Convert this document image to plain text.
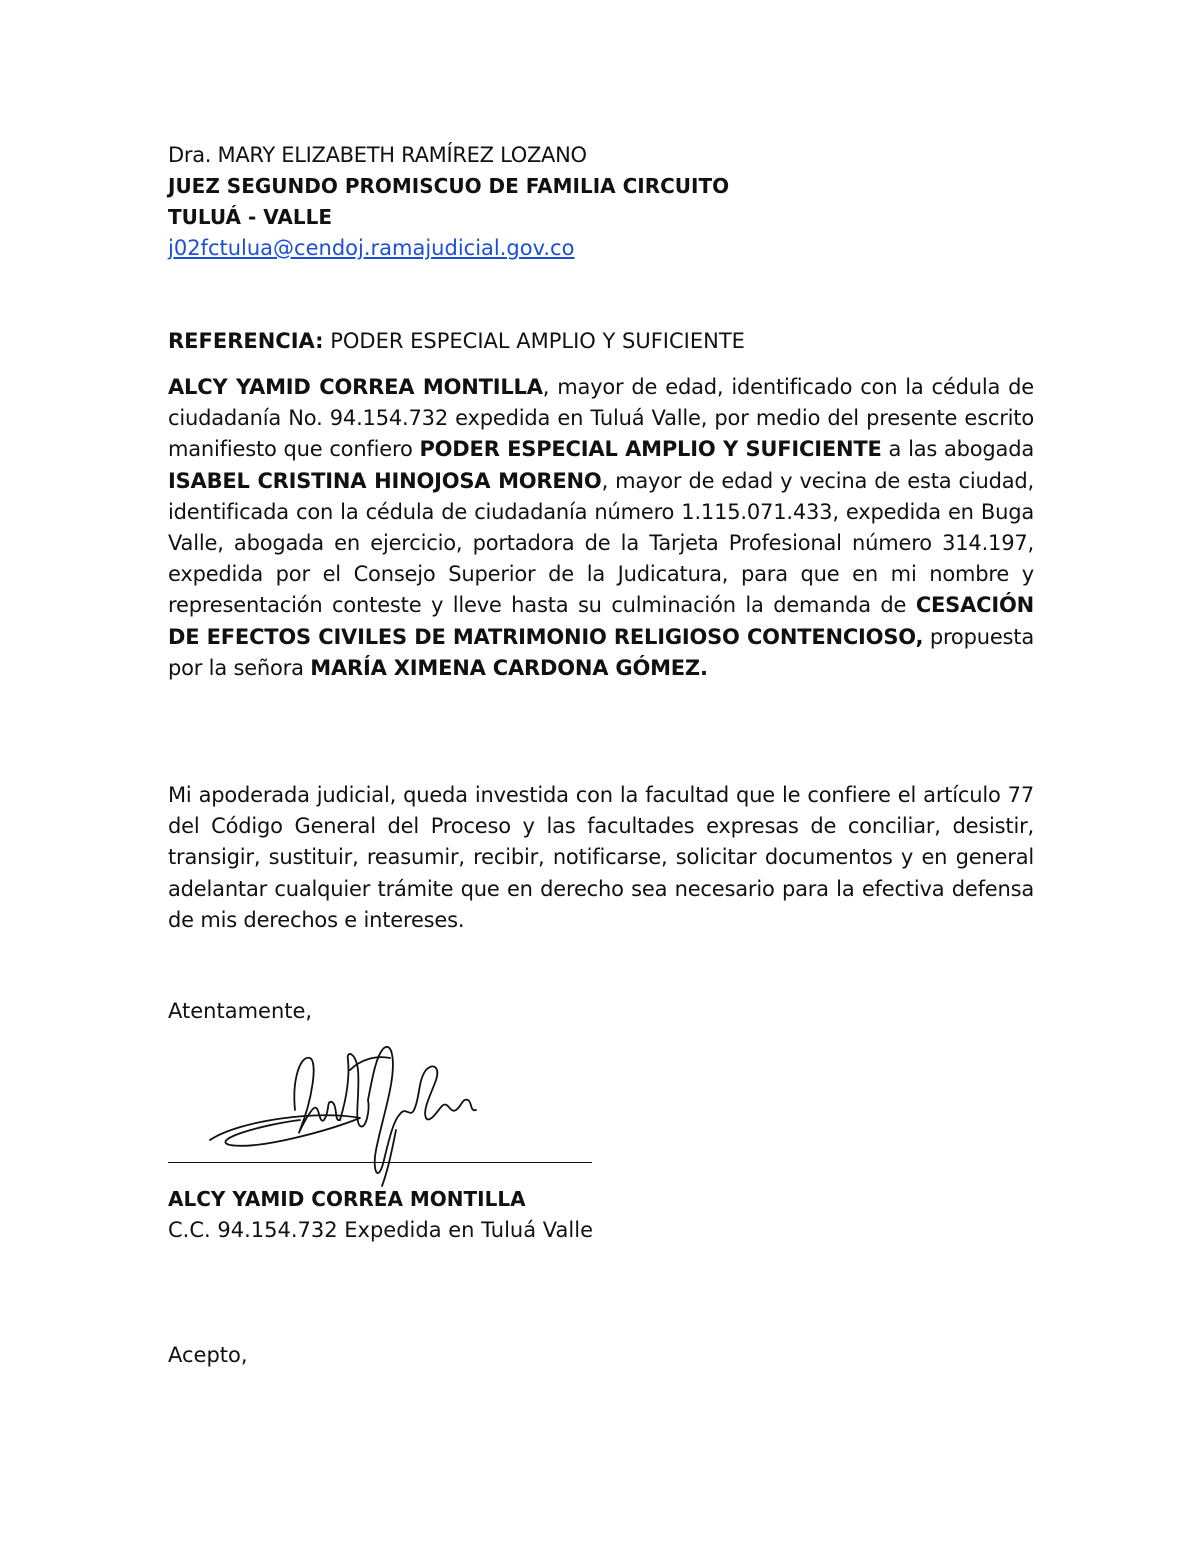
Dra. MARY ELIZABETH RAMÍREZ LOZANO
JUEZ SEGUNDO PROMISCUO DE FAMILIA CIRCUITO
TULUÁ - VALLE
j02fctulua@cendoj.ramajudicial.gov.co
REFERENCIA: PODER ESPECIAL AMPLIO Y SUFICIENTE
ALCY YAMID CORREA MONTILLA, mayor de edad, identificado con la cédula de ciudadanía No. 94.154.732 expedida en Tuluá Valle, por medio del presente escrito manifiesto que confiero PODER ESPECIAL AMPLIO Y SUFICIENTE a las abogada ISABEL CRISTINA HINOJOSA MORENO, mayor de edad y vecina de esta ciudad, identificada con la cédula de ciudadanía número 1.115.071.433, expedida en Buga Valle, abogada en ejercicio, portadora de la Tarjeta Profesional número 314.197, expedida por el Consejo Superior de la Judicatura, para que en mi nombre y representación conteste y lleve hasta su culminación la demanda de CESACIÓN DE EFECTOS CIVILES DE MATRIMONIO RELIGIOSO CONTENCIOSO, propuesta por la señora MARÍA XIMENA CARDONA GÓMEZ.
Mi apoderada judicial, queda investida con la facultad que le confiere el artículo 77 del Código General del Proceso y las facultades expresas de conciliar, desistir, transigir, sustituir, reasumir, recibir, notificarse, solicitar documentos y en general adelantar cualquier trámite que en derecho sea necesario para la efectiva defensa de mis derechos e intereses.
Atentamente,
ALCY YAMID CORREA MONTILLA
C.C. 94.154.732 Expedida en Tuluá Valle
Acepto,
